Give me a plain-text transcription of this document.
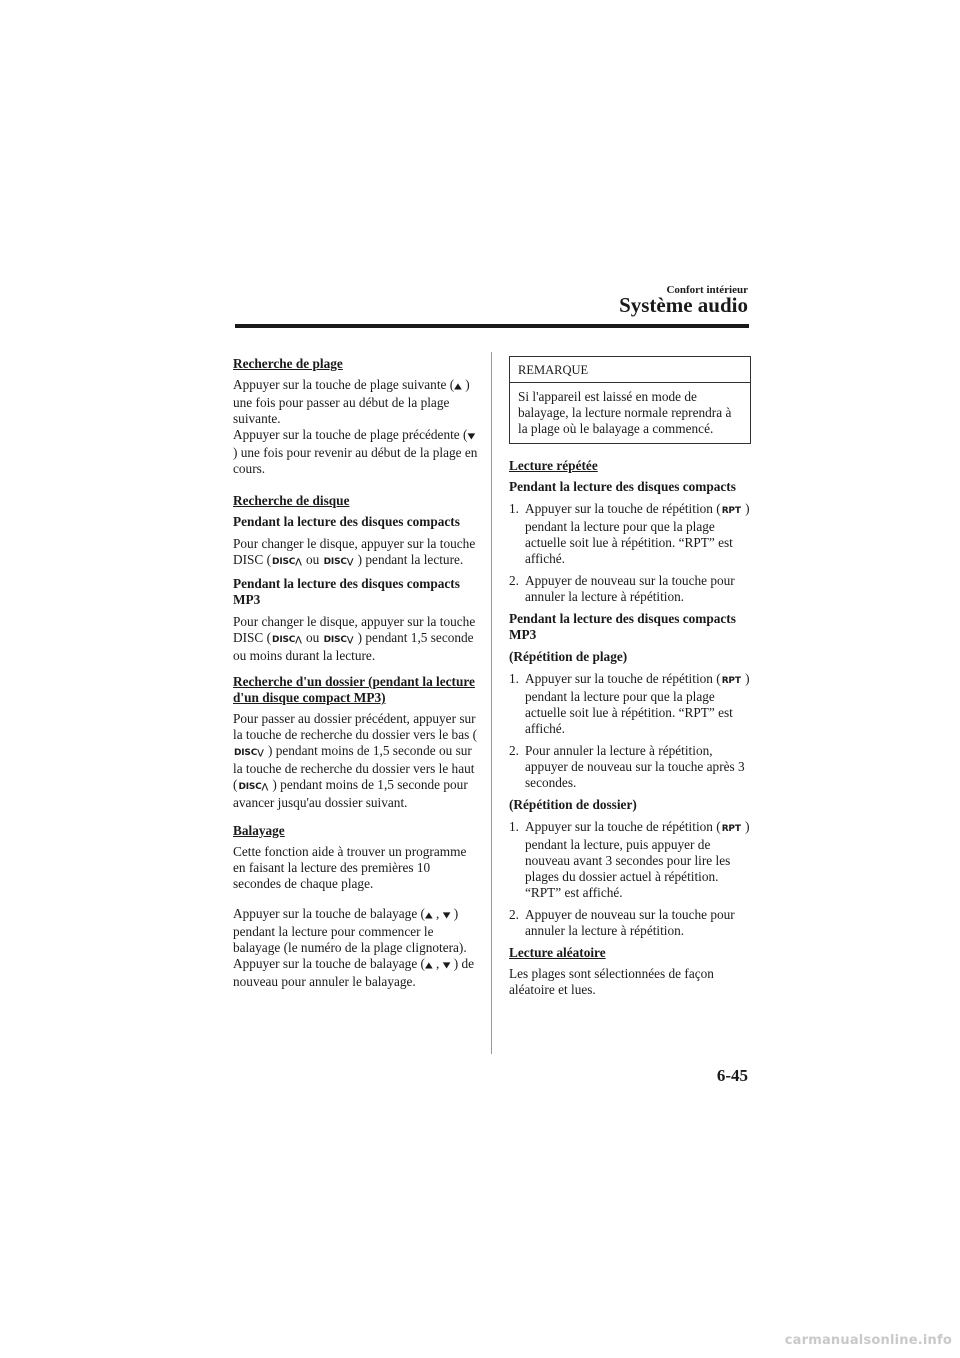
Confort intérieur
Système audio
Recherche de plage

Appuyer sur la touche de plage suivante (▲ ) une fois pour passer au début de la plage suivante.
Appuyer sur la touche de plage précédente (▼ ) une fois pour revenir au début de la plage en cours.

Recherche de disque
Pendant la lecture des disques compacts

Pour changer le disque, appuyer sur la touche DISC (DISC⋀ ou DISC⋁ ) pendant la lecture.

Pendant la lecture des disques compacts MP3

Pour changer le disque, appuyer sur la touche DISC (DISC⋀ ou DISC⋁ ) pendant 1,5 seconde ou moins durant la lecture.

Recherche d'un dossier (pendant la lecture d'un disque compact MP3)

Pour passer au dossier précédent, appuyer sur la touche de recherche du dossier vers le bas (DISC⋁ ) pendant moins de 1,5 seconde ou sur la touche de recherche du dossier vers le haut (DISC⋀ ) pendant moins de 1,5 seconde pour avancer jusqu'au dossier suivant.

Balayage

Cette fonction aide à trouver un programme en faisant la lecture des premières 10 secondes de chaque plage.

Appuyer sur la touche de balayage (▲ , ▼ ) pendant la lecture pour commencer le balayage (le numéro de la plage clignotera).
Appuyer sur la touche de balayage (▲ , ▼ ) de nouveau pour annuler le balayage.

REMARQUE
Si l'appareil est laissé en mode de balayage, la lecture normale reprendra à la plage où le balayage a commencé.
Lecture répétée
Pendant la lecture des disques compacts
1. Appuyer sur la touche de répétition (RPT ) pendant la lecture pour que la plage actuelle soit lue à répétition. “RPT” est affiché.
2. Appuyer de nouveau sur la touche pour annuler la lecture à répétition.
Pendant la lecture des disques compacts MP3
(Répétition de plage)
1. Appuyer sur la touche de répétition (RPT ) pendant la lecture pour que la plage actuelle soit lue à répétition. “RPT” est affiché.
2. Pour annuler la lecture à répétition, appuyer de nouveau sur la touche après 3 secondes.
(Répétition de dossier)
1. Appuyer sur la touche de répétition (RPT ) pendant la lecture, puis appuyer de nouveau avant 3 secondes pour lire les plages du dossier actuel à répétition. “RPT” est affiché.
2. Appuyer de nouveau sur la touche pour annuler la lecture à répétition.
Lecture aléatoire

Les plages sont sélectionnées de façon aléatoire et lues.

6-45
carmanualsonline.info
